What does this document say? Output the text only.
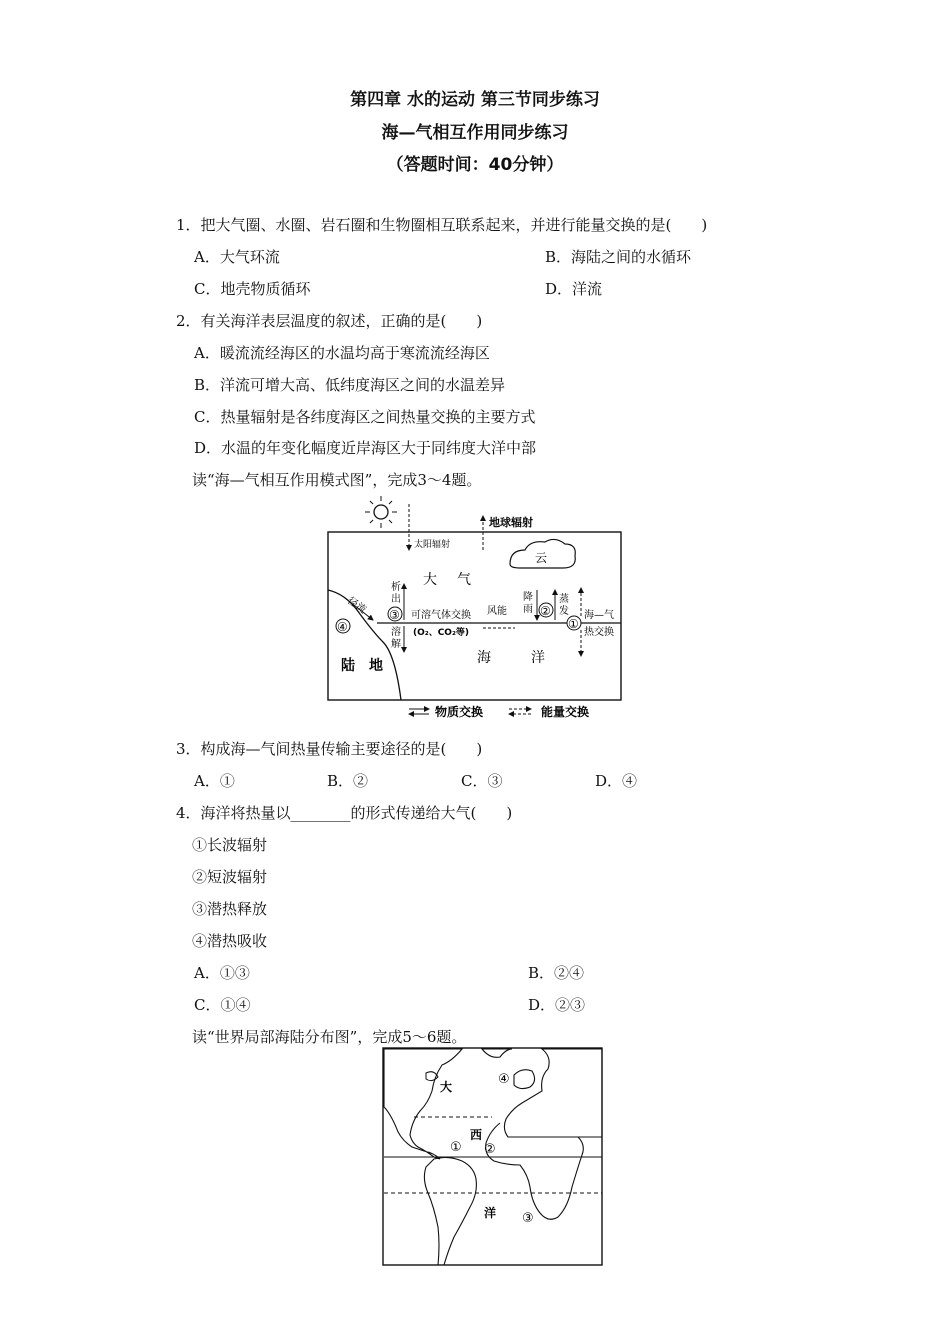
第四章 水的运动 第三节同步练习
海—气相互作用同步练习
（答题时间：40分钟）
1．把大气圈、水圈、岩石圈和生物圈相互联系起来，并进行能量交换的是(　　)
A．大气环流	B．海陆之间的水循环
C．地壳物质循环	D．洋流
2．有关海洋表层温度的叙述，正确的是(　　)
A．暖流流经海区的水温均高于寒流流经海区
B．洋流可增大高、低纬度海区之间的水温差异
C．热量辐射是各纬度海区之间热量交换的主要方式
D．水温的年变化幅度近岸海区大于同纬度大洋中部
读“海—气相互作用模式图”，完成3～4题。
太阳辐射
地球辐射
云
大 气
径流
④
析
出
③
溶
解
可溶气体交换
(O₂、CO₂等)
风能
降
雨 ②
蒸
发
①
海—气
热交换
陆　地	海	洋
物质交换	能量交换
3．构成海—气间热量传输主要途径的是(　　)
A．①	B．②	C．③	D．④
4．海洋将热量以________的形式传递给大气(　　)
①长波辐射
②短波辐射
③潜热释放
④潜热吸收
A．①③	B．②④
C．①④	D．②③
读“世界局部海陆分布图”，完成5～6题。
大
西
洋
④
① ②
③
